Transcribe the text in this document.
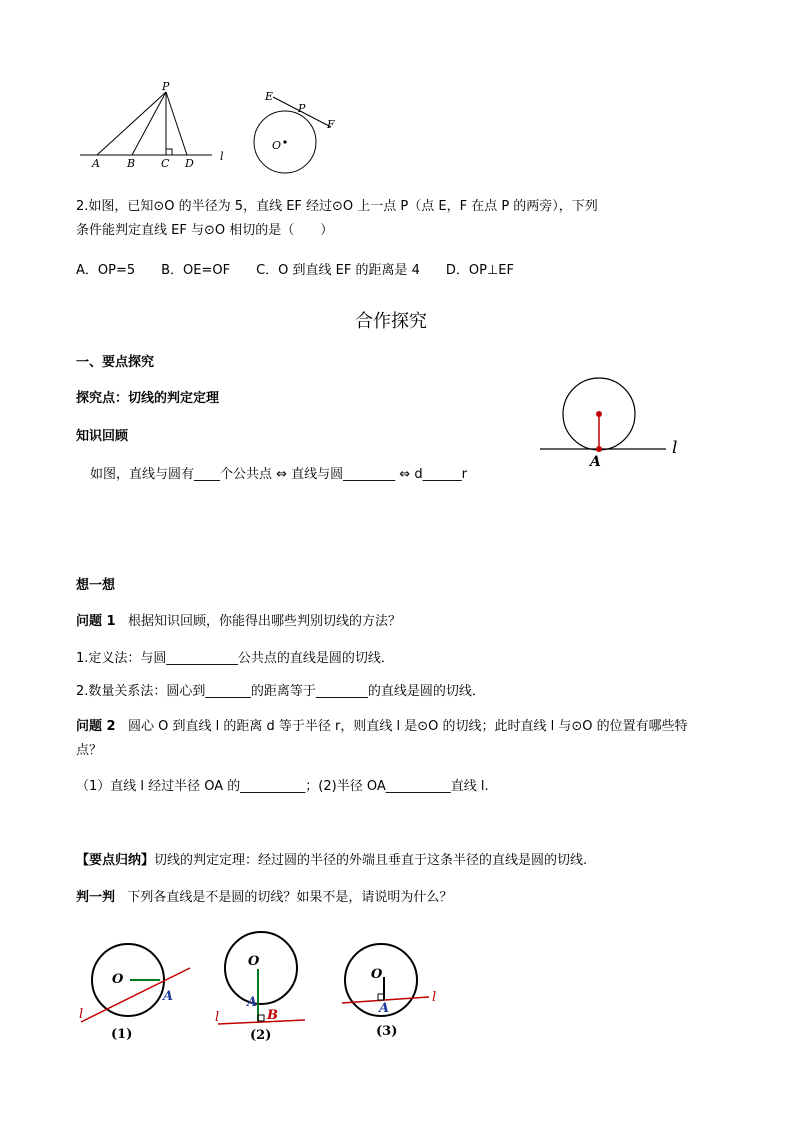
P
A B C D
l
E
P
F
O
2.如图，已知⊙O 的半径为 5，直线 EF 经过⊙O 上一点 P（点 E，F 在点 P 的两旁），下列
条件能判定直线 EF 与⊙O 相切的是（　　）
A．OP=5　　B．OE=OF　　C．O 到直线 EF 的距离是 4　　D．OP⊥EF
合作探究
一、要点探究
探究点：切线的判定定理
知识回顾
如图，直线与圆有____个公共点 ⇔ 直线与圆________ ⇔ d______r
A
l
想一想
问题 1 根据知识回顾，你能得出哪些判别切线的方法？
1.定义法：与圆___________公共点的直线是圆的切线．
2.数量关系法：圆心到_______的距离等于________的直线是圆的切线．
问题 2 圆心 O 到直线 l 的距离 d 等于半径 r，则直线 l 是⊙O 的切线；此时直线 l 与⊙O 的位置有哪些特
点？
（1）直线 l 经过半径 OA 的__________；(2)半径 OA__________直线 l.
【要点归纳】切线的判定定理：经过圆的半径的外端且垂直于这条半径的直线是圆的切线.
判一判 下列各直线是不是圆的切线？如果不是，请说明为什么？
O
A
l
(1)
O
A
B
l
(2)
O
A
l
(3)
